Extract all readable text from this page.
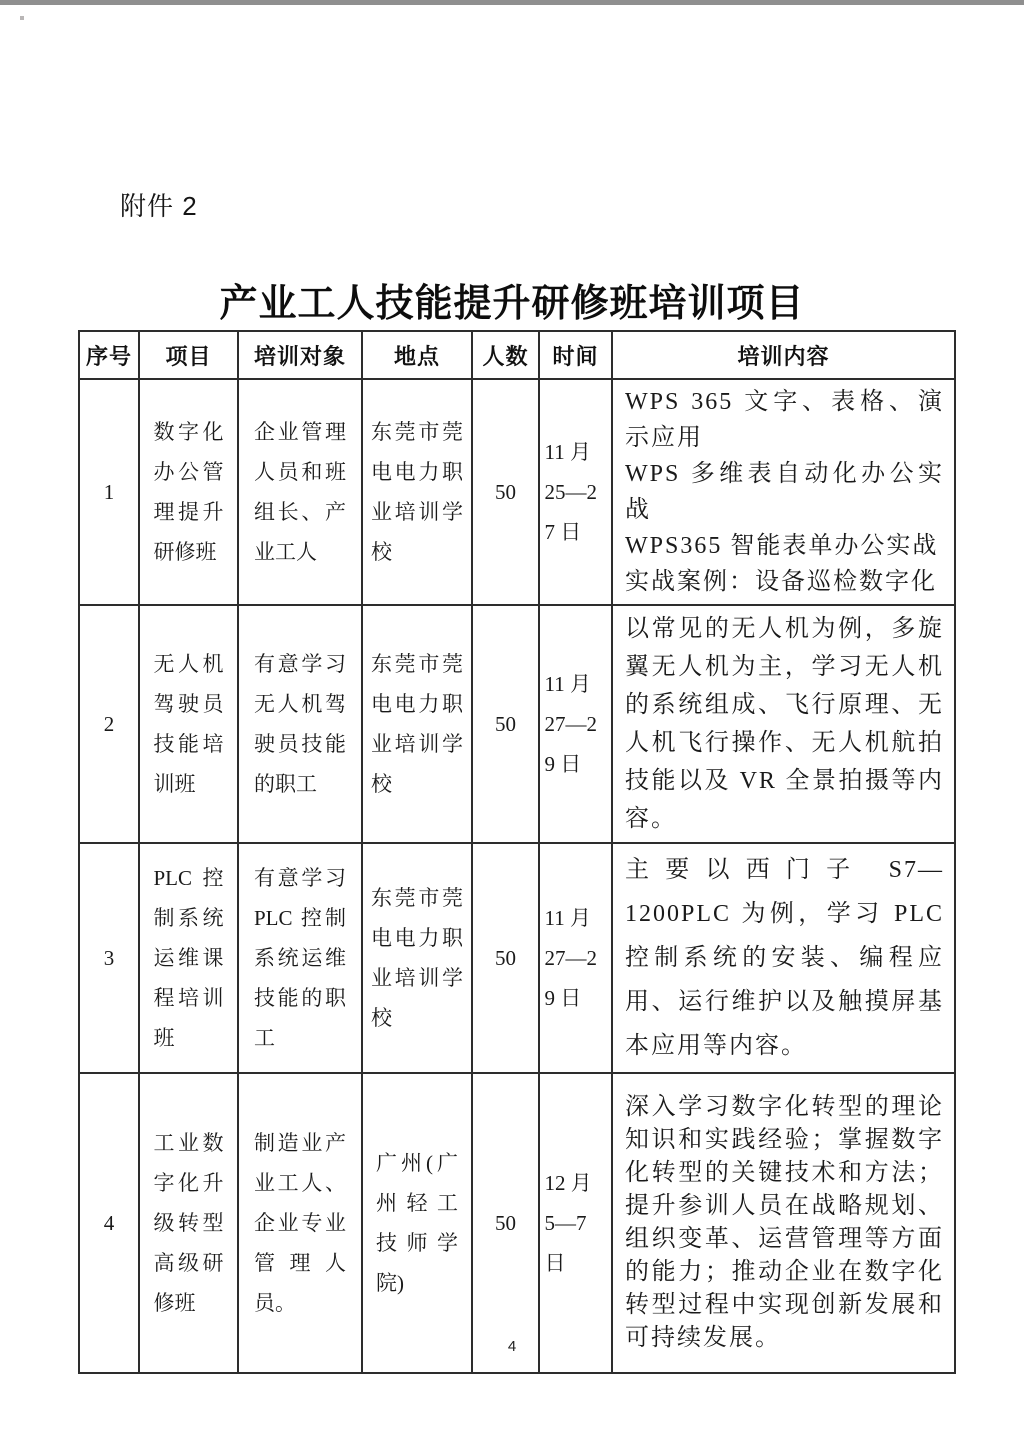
附件 2
产业工人技能提升研修班培训项目
序号	项目	培训对象	地点	人数	时间	培训内容
1	数字化办公管理提升研修班	企业管理人员和班组长、产业工人	东莞市莞电电力职业培训学校	50	11 月 25—27 日	WPS 365 文字、表格、演示应用
WPS 多维表自动化办公实战
WPS365 智能表单办公实战
实战案例：设备巡检数字化

2	无人机驾驶员技能培训班	有意学习无人机驾驶员技能的职工	东莞市莞电电力职业培训学校	50	11 月 27—29 日	以常见的无人机为例，多旋翼无人机为主，学习无人机的系统组成、飞行原理、无人机飞行操作、无人机航拍技能以及 VR 全景拍摄等内容。

3	PLC 控制系统运维课程培训班	有意学习 PLC 控制系统运维技能的职工	东莞市莞电电力职业培训学校	50	11 月 27—29 日	主要以西门子 S7—1200PLC 为例，学习 PLC 控制系统的安装、编程应用、运行维护以及触摸屏基本应用等内容。

4	工业数字化升级转型高级研修班	制造业产业工人、企业专业管理人员。	广州(广州轻工技师学院)	50	12 月 5—7 日	深入学习数字化转型的理论知识和实践经验；掌握数字化转型的关键技术和方法；提升参训人员在战略规划、组织变革、运营管理等方面的能力；推动企业在数字化转型过程中实现创新发展和可持续发展。
4
